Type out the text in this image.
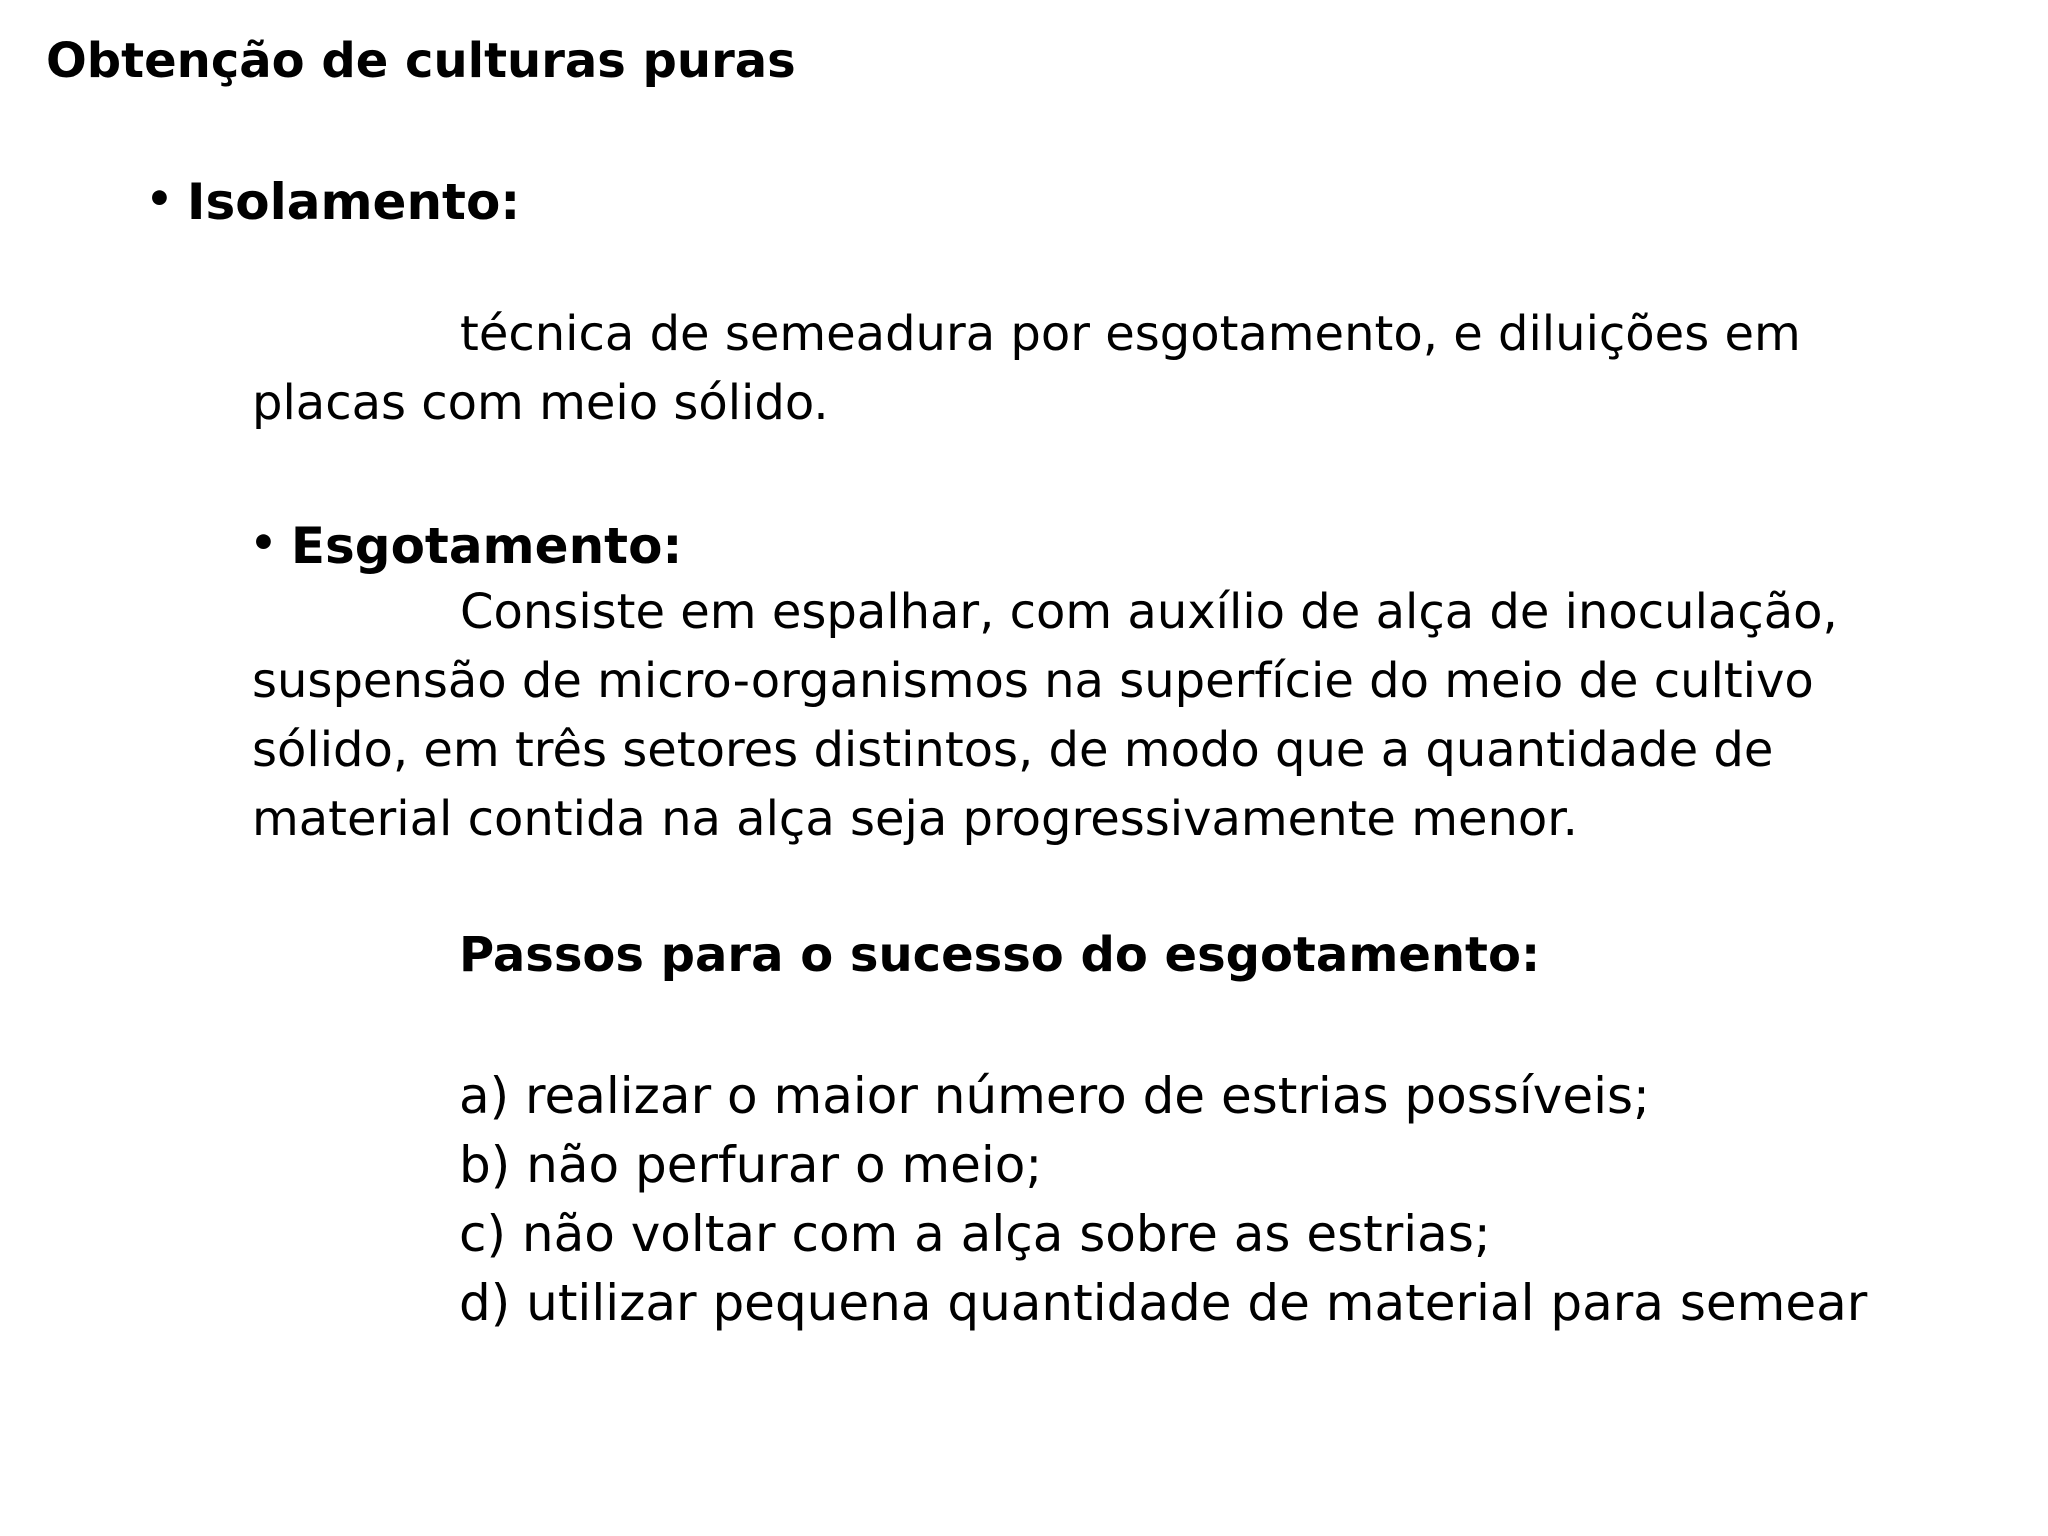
Obtenção de culturas puras
• Isolamento:
técnica de semeadura por esgotamento, e diluições em
placas com meio sólido.
• Esgotamento:
Consiste em espalhar, com auxílio de alça de inoculação,
suspensão de micro-organismos na superfície do meio de cultivo
sólido, em três setores distintos, de modo que a quantidade de
material contida na alça seja progressivamente menor.
Passos para o sucesso do esgotamento:
a) realizar o maior número de estrias possíveis;
b) não perfurar o meio;
c) não voltar com a alça sobre as estrias;
d) utilizar pequena quantidade de material para semear
